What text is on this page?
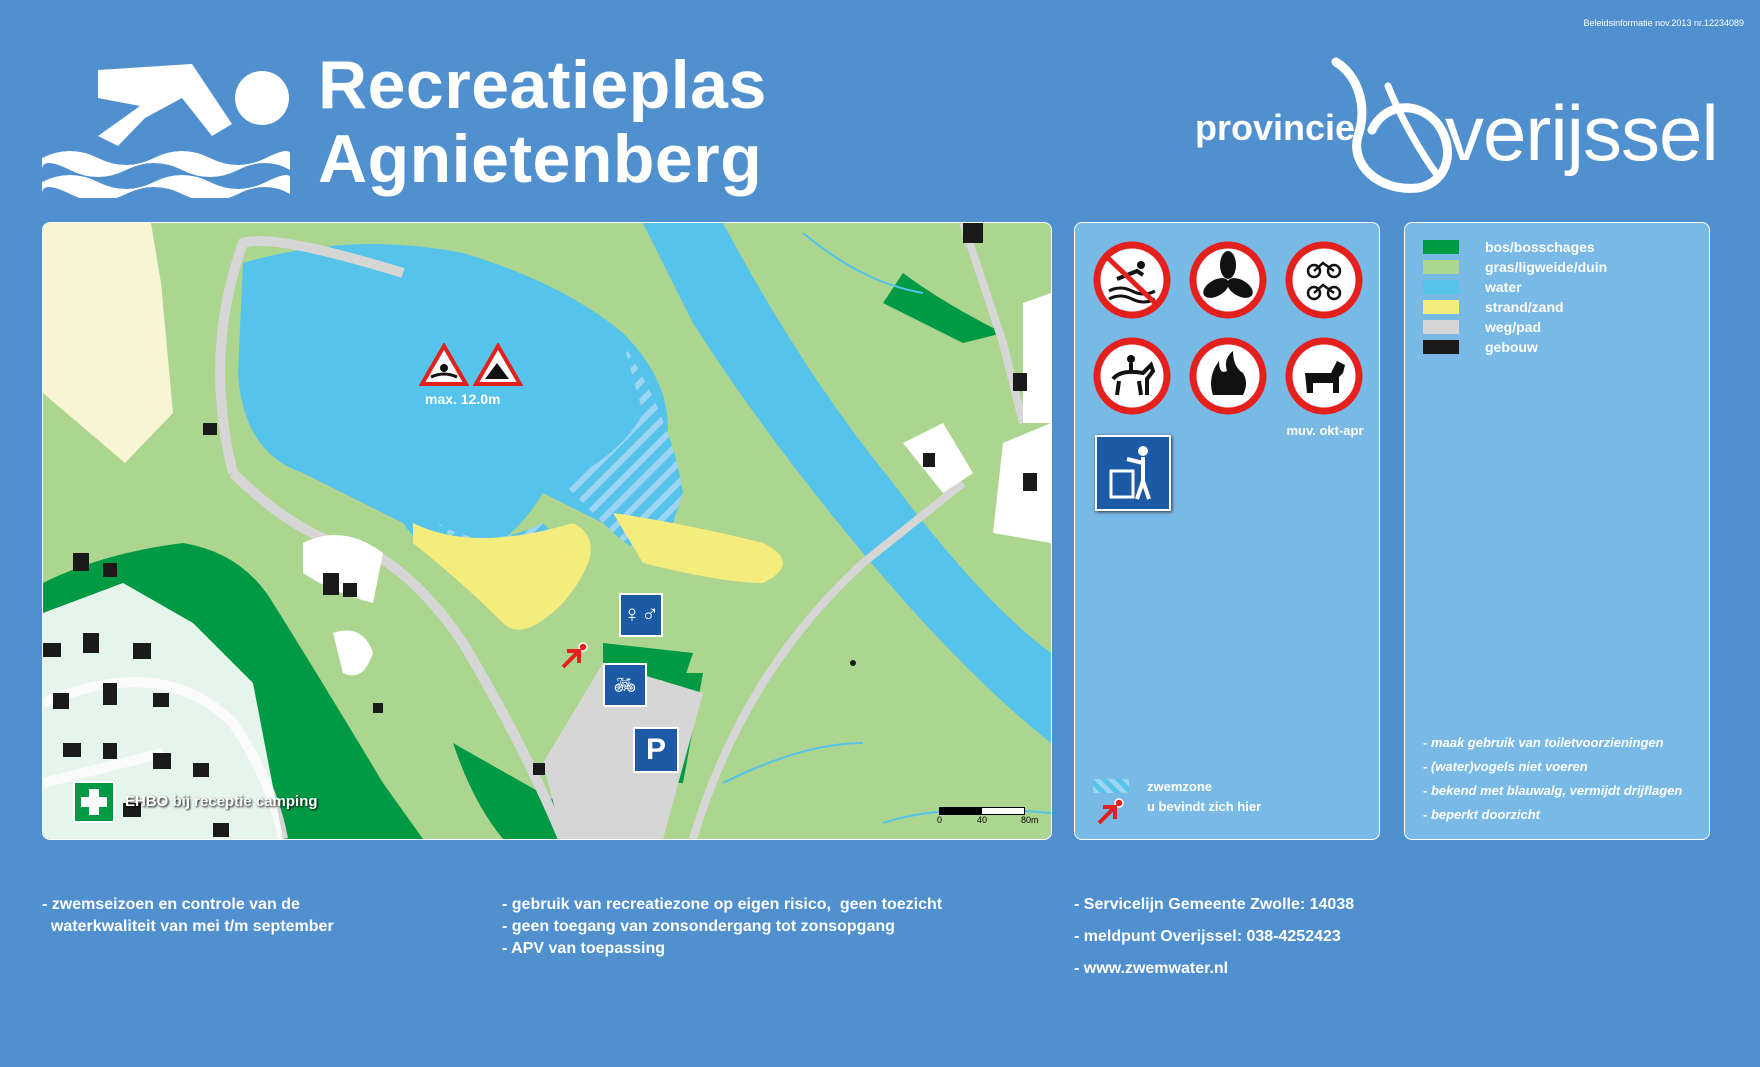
Beleidsinformatie nov.2013 nr.12234089
Recreatieplas
Agnietenberg	provincie verijssel
max. 12.0m
♀♂
🚲︎
P
EHBO bij receptie camping
0	40	80m
muv. okt-apr
zwemzone
u bevindt zich hier
bos/bosschages
gras/ligweide/duin
water
strand/zand
weg/pad
gebouw
- maak gebruik van toiletvoorzieningen
- (water)vogels niet voeren
- bekend met blauwalg, vermijdt drijflagen
- beperkt doorzicht
- zwemseizoen en controle van de
waterkwaliteit van mei t/m september
- gebruik van recreatiezone op eigen risico,  geen toezicht
- geen toegang van zonsondergang tot zonsopgang
- APV van toepassing
- Servicelijn Gemeente Zwolle: 14038
- meldpunt Overijssel: 038-4252423
- www.zwemwater.nl
